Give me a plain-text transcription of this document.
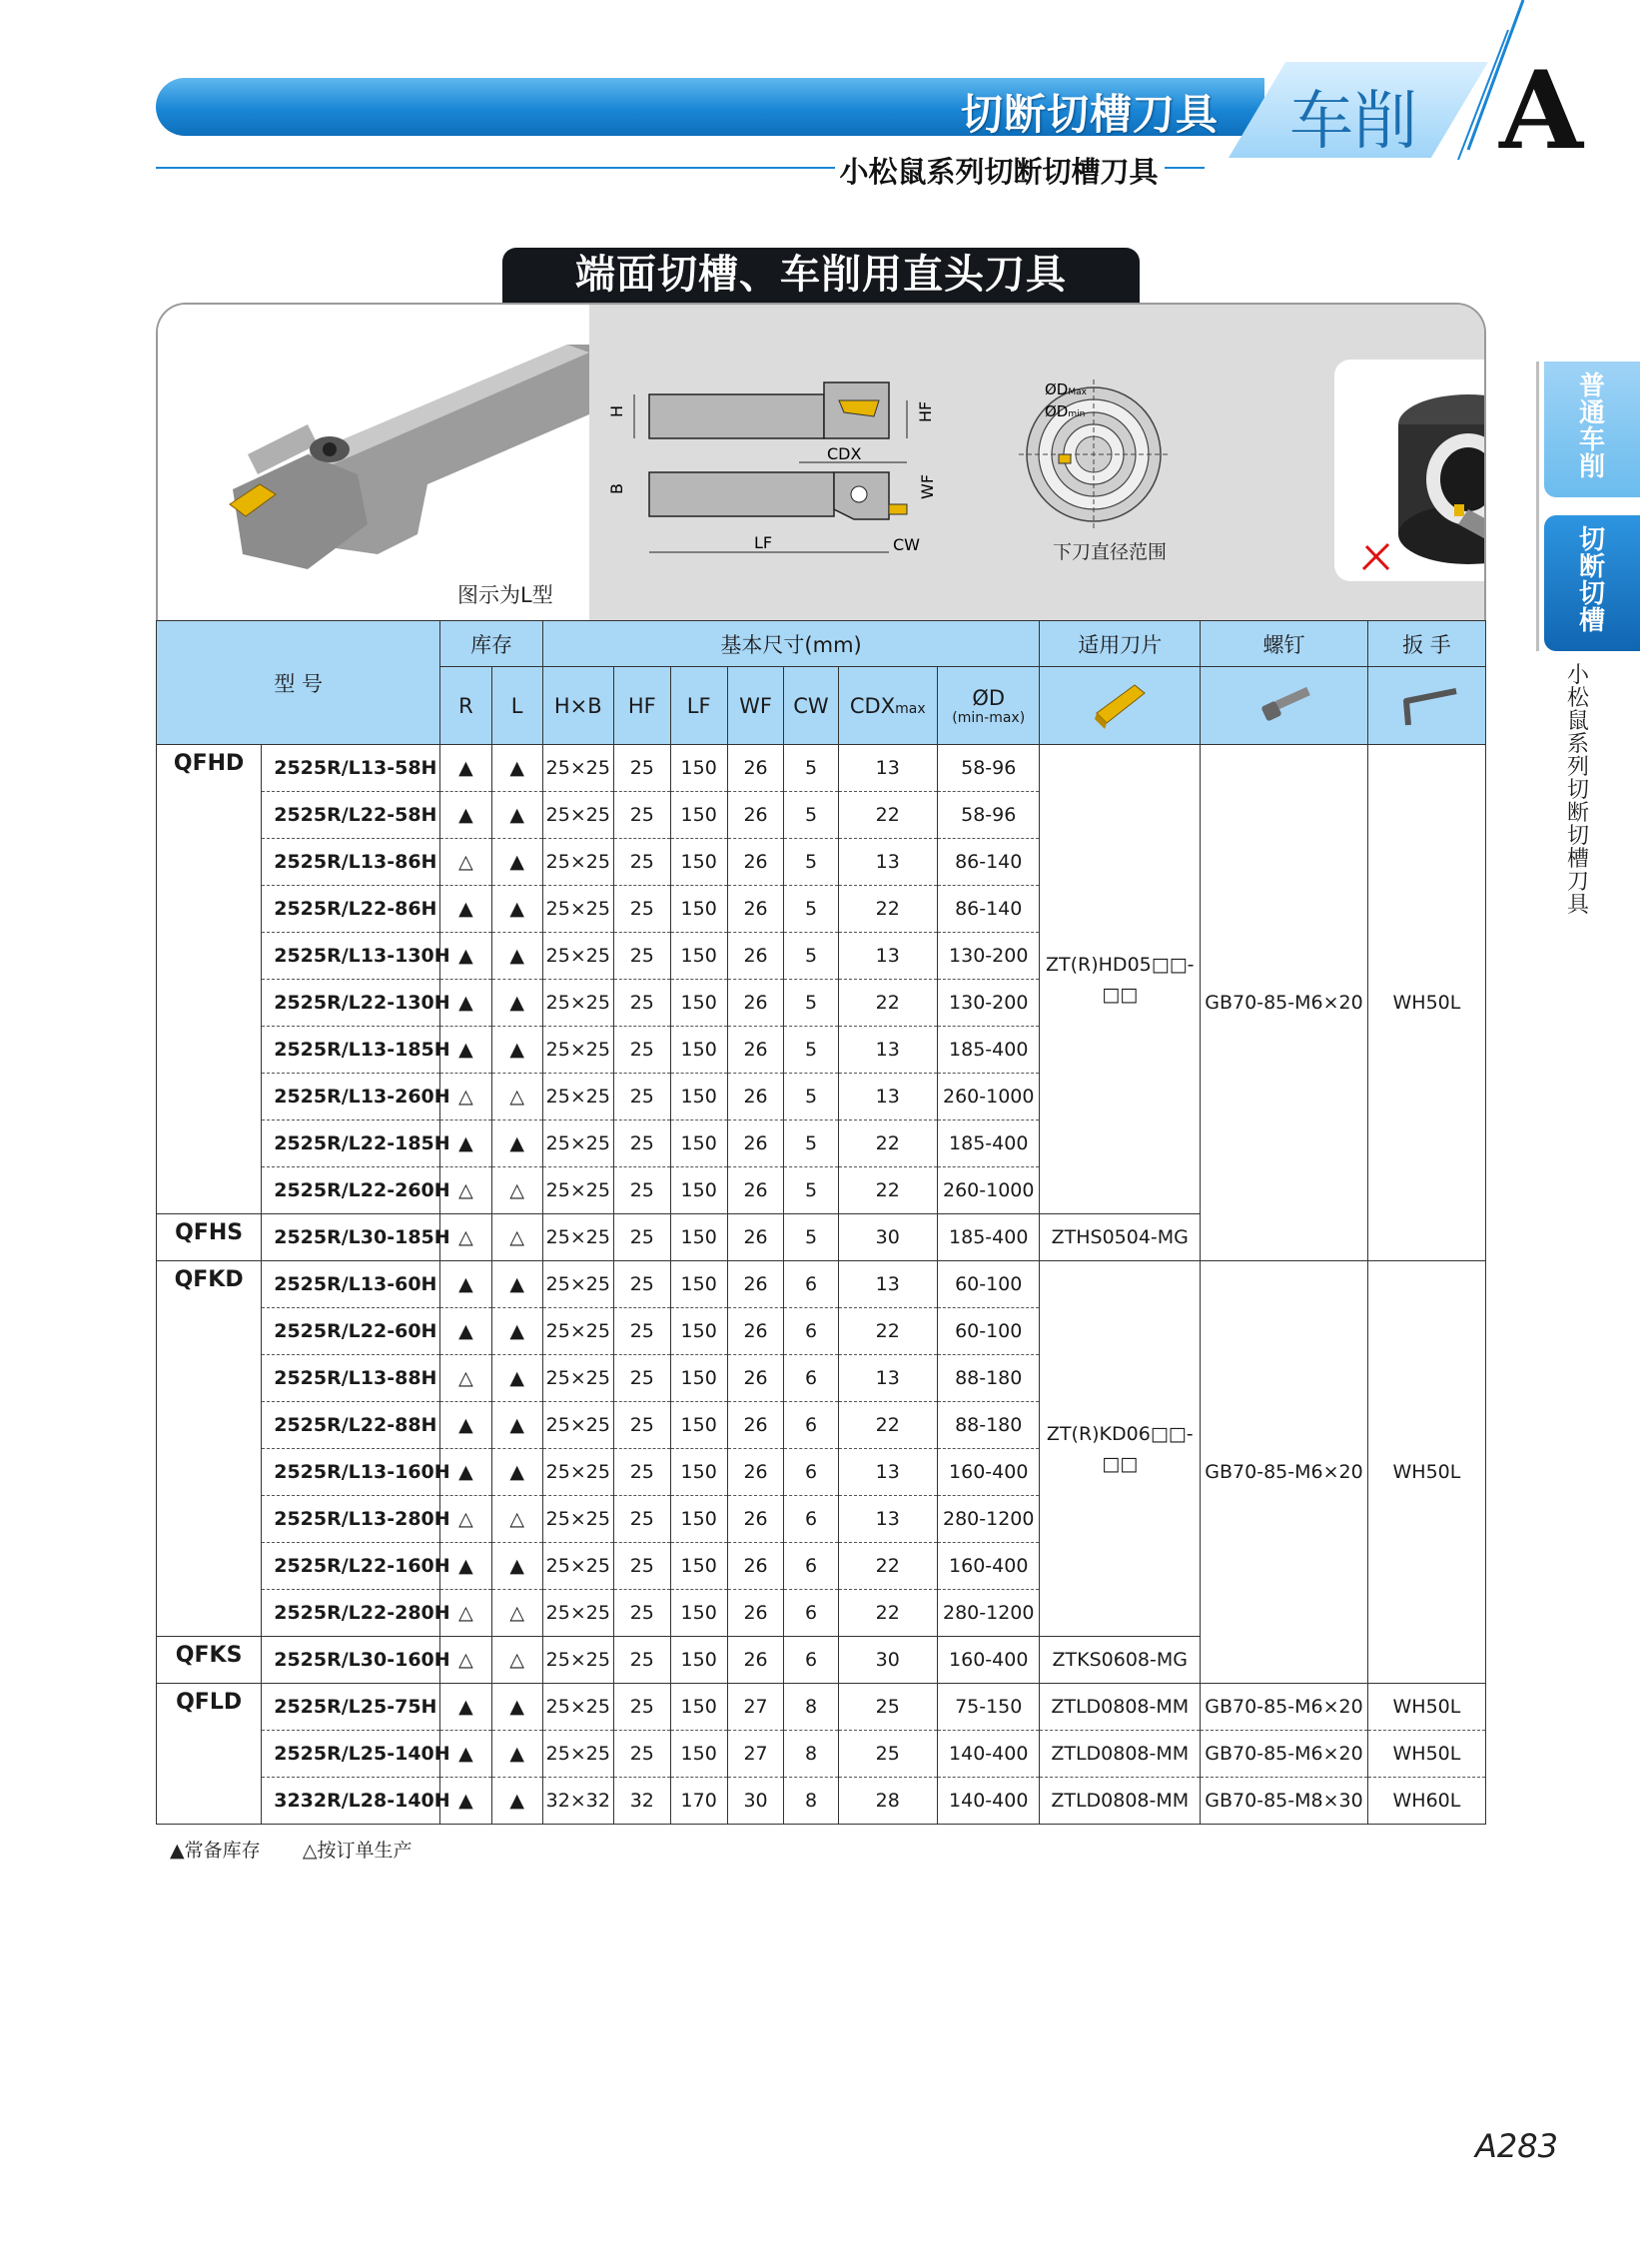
切断切槽刀具	车削 A
小松鼠系列切断切槽刀具
普
通
车
削
切
断
切
槽
小
松
鼠
系
列
切
断
切
槽
刀
具
端面切槽、车削用直头刀具
图示为L型
H	HF
CDX
B	WF
LF	CW
ØDMax
ØDmin
下刀直径范围
型 号		库存		基本尺寸(mm)							适用刀片	螺钉	扳 手
		R	L	H×B	HF	LF	WF	CW	CDXmax	ØD
(min-max)

QFHD	2525R/L13-58H	▲	▲	25×25	25	150	26	5	13	58-96	ZT(R)HD05□□-□□	GB70-85-M6×20	WH50L
	2525R/L22-58H	▲	▲	25×25	25	150	26	5	22	58-96			
	2525R/L13-86H	△	▲	25×25	25	150	26	5	13	86-140			
	2525R/L22-86H	▲	▲	25×25	25	150	26	5	22	86-140			
	2525R/L13-130H	▲	▲	25×25	25	150	26	5	13	130-200			
	2525R/L22-130H	▲	▲	25×25	25	150	26	5	22	130-200			
	2525R/L13-185H	▲	▲	25×25	25	150	26	5	13	185-400			
	2525R/L13-260H	△	△	25×25	25	150	26	5	13	260-1000			
	2525R/L22-185H	▲	▲	25×25	25	150	26	5	22	185-400			
	2525R/L22-260H	△	△	25×25	25	150	26	5	22	260-1000			
QFHS	2525R/L30-185H	△	△	25×25	25	150	26	5	30	185-400	ZTHS0504-MG		
QFKD	2525R/L13-60H	▲	▲	25×25	25	150	26	6	13	60-100	ZT(R)KD06□□-□□	GB70-85-M6×20	WH50L
	2525R/L22-60H	▲	▲	25×25	25	150	26	6	22	60-100			
	2525R/L13-88H	△	▲	25×25	25	150	26	6	13	88-180			
	2525R/L22-88H	▲	▲	25×25	25	150	26	6	22	88-180			
	2525R/L13-160H	▲	▲	25×25	25	150	26	6	13	160-400			
	2525R/L13-280H	△	△	25×25	25	150	26	6	13	280-1200			
	2525R/L22-160H	▲	▲	25×25	25	150	26	6	22	160-400			
	2525R/L22-280H	△	△	25×25	25	150	26	6	22	280-1200			
QFKS	2525R/L30-160H	△	△	25×25	25	150	26	6	30	160-400	ZTKS0608-MG		
QFLD	2525R/L25-75H	▲	▲	25×25	25	150	27	8	25	75-150	ZTLD0808-MM	GB70-85-M6×20	WH50L
	2525R/L25-140H	▲	▲	25×25	25	150	27	8	25	140-400	ZTLD0808-MM	GB70-85-M6×20	WH50L
	3232R/L28-140H	▲	▲	32×32	32	170	30	8	28	140-400	ZTLD0808-MM	GB70-85-M8×30	WH60L
▲常备库存 △按订单生产
A283
